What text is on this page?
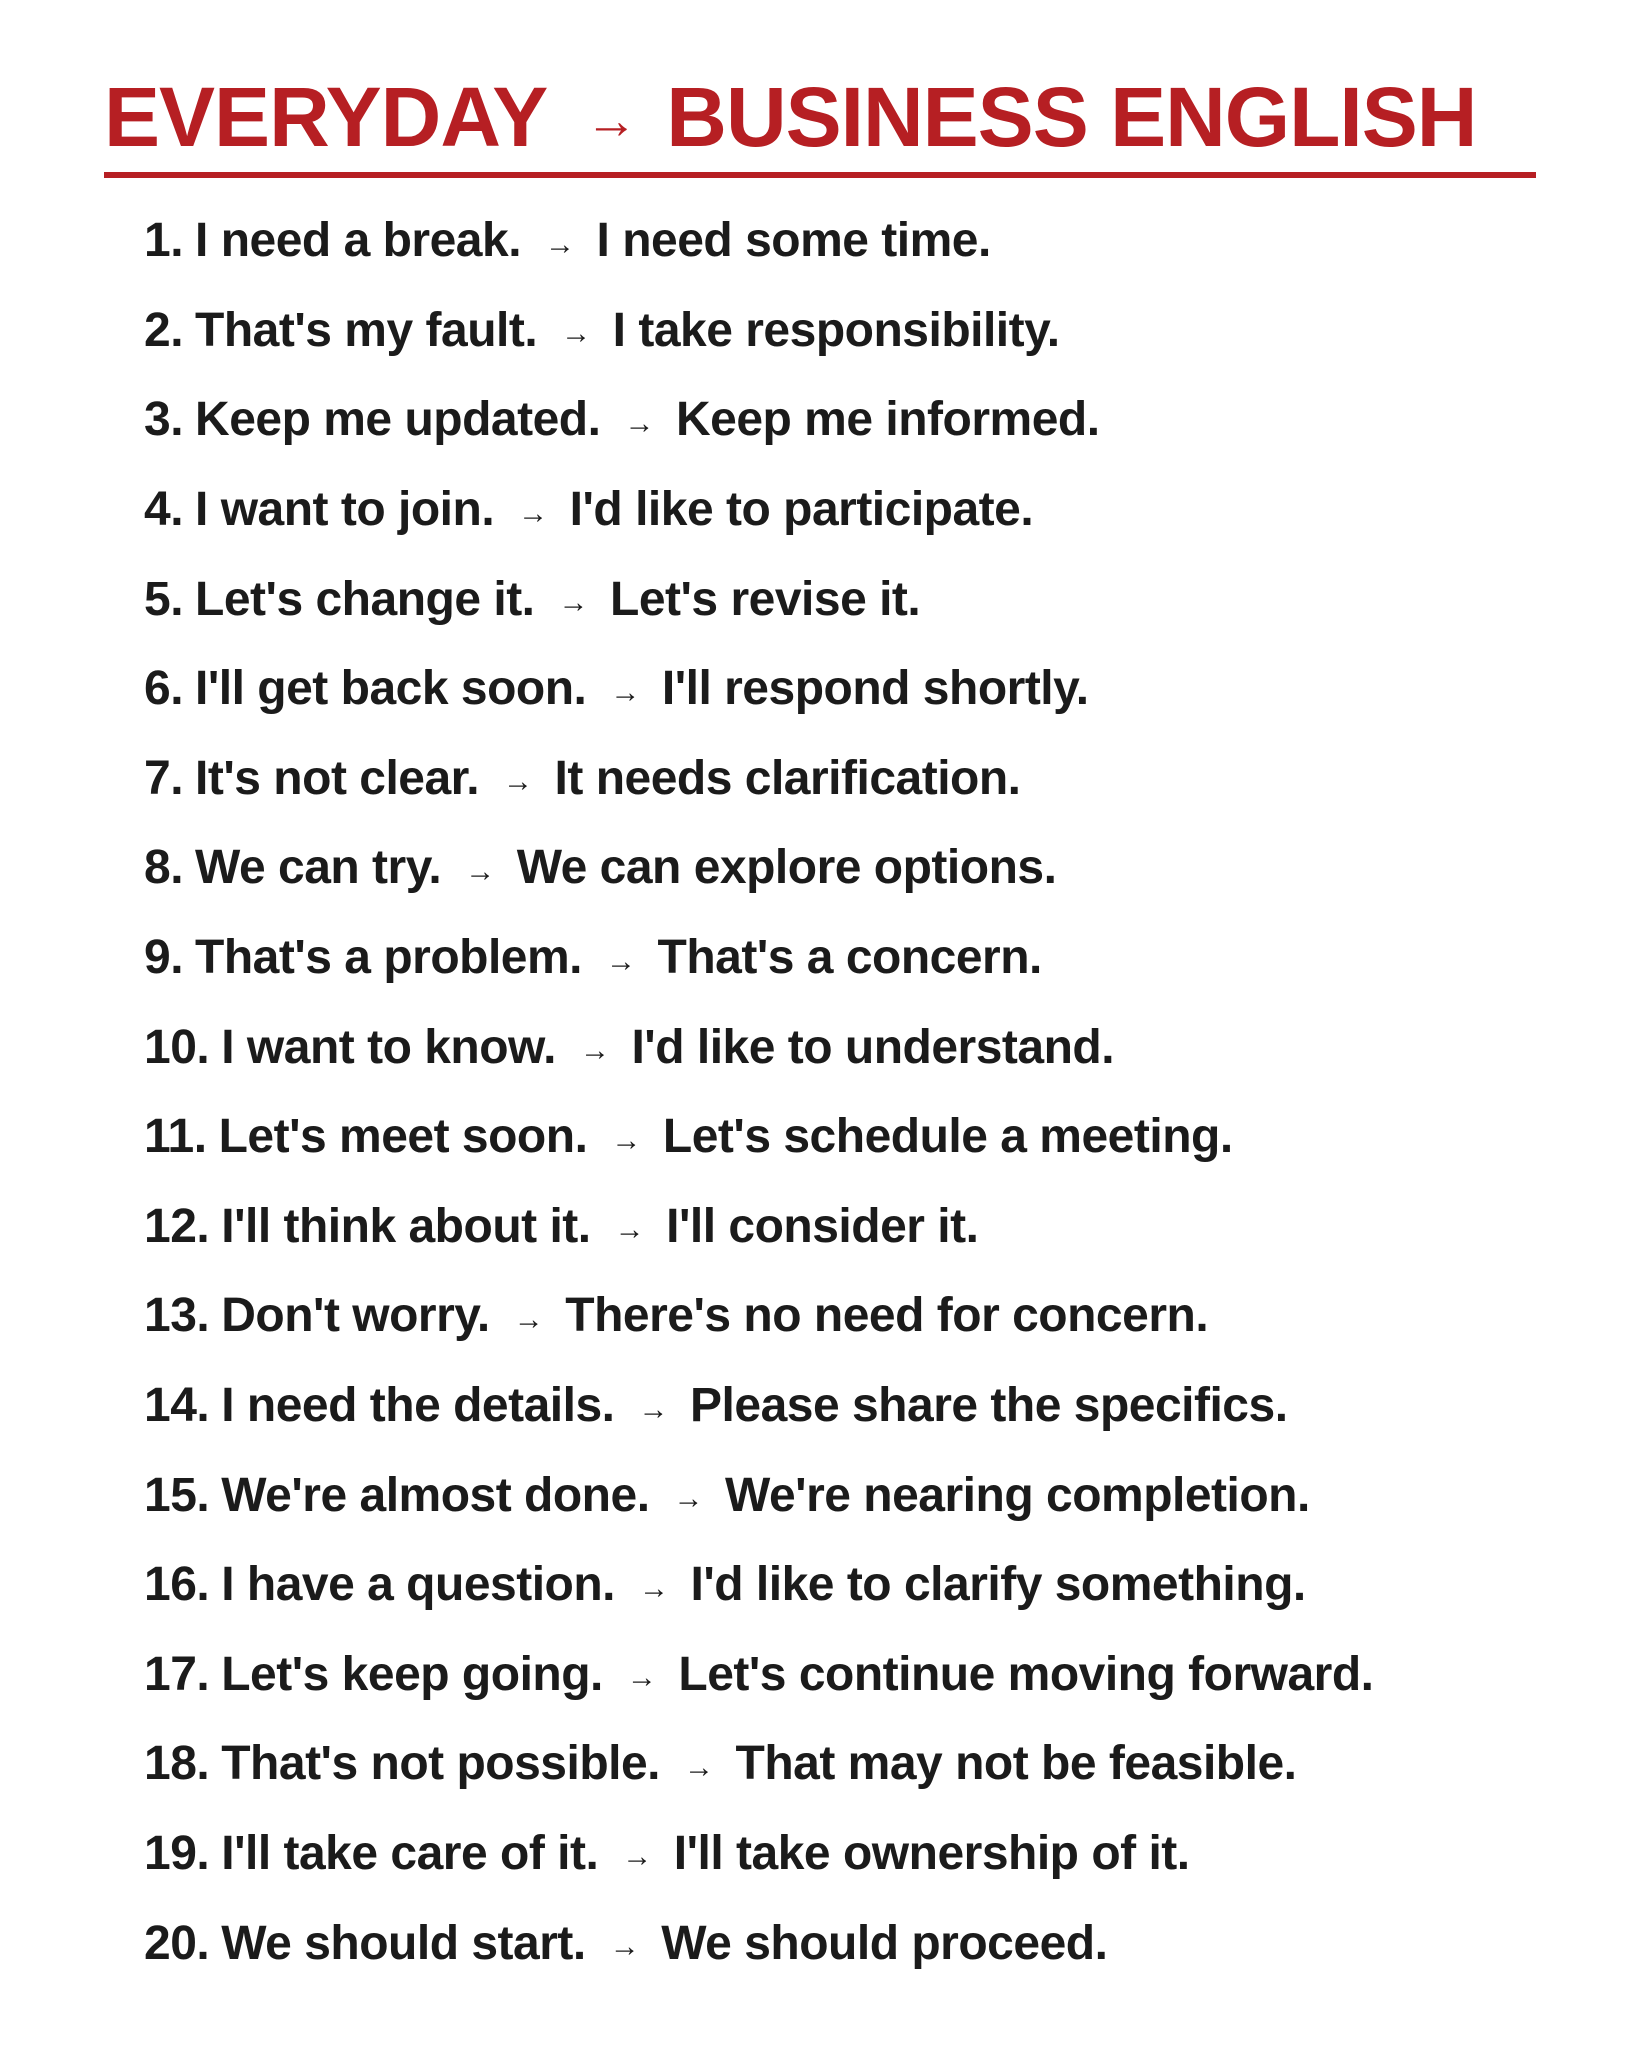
EVERYDAY → BUSINESS ENGLISH
1. I need a break. → I need some time.
2. That's my fault. → I take responsibility.
3. Keep me updated. → Keep me informed.
4. I want to join. → I'd like to participate.
5. Let's change it. → Let's revise it.
6. I'll get back soon. → I'll respond shortly.
7. It's not clear. → It needs clarification.
8. We can try. → We can explore options.
9. That's a problem. → That's a concern.
10. I want to know. → I'd like to understand.
11. Let's meet soon. → Let's schedule a meeting.
12. I'll think about it. → I'll consider it.
13. Don't worry. → There's no need for concern.
14. I need the details. → Please share the specifics.
15. We're almost done. → We're nearing completion.
16. I have a question. → I'd like to clarify something.
17. Let's keep going. → Let's continue moving forward.
18. That's not possible. → That may not be feasible.
19. I'll take care of it. → I'll take ownership of it.
20. We should start. → We should proceed.
